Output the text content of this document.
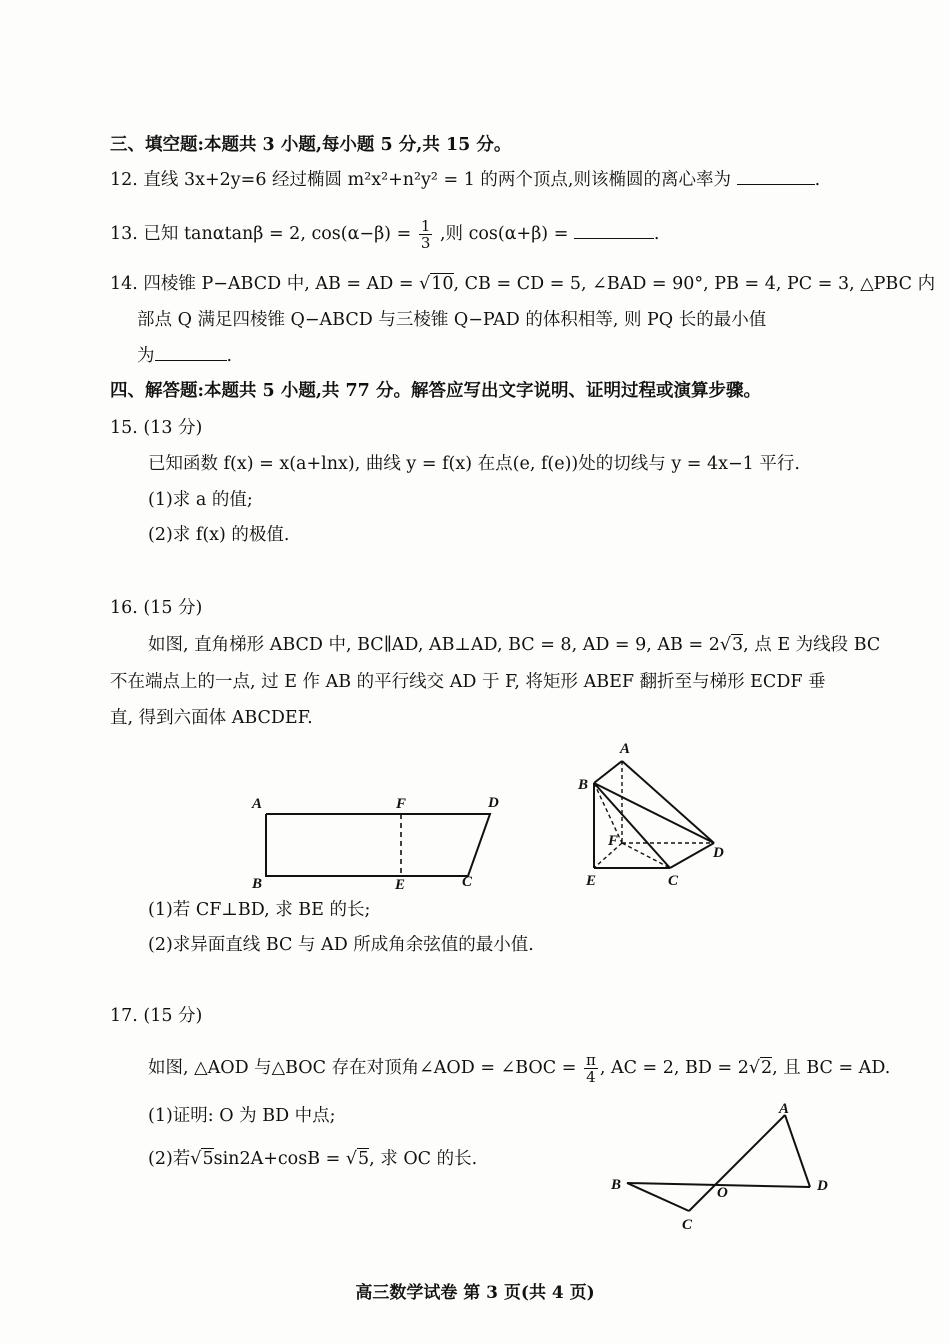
三、填空题:本题共 3 小题,每小题 5 分,共 15 分。
12. 直线 3x+2y=6 经过椭圆 m²x²+n²y² = 1 的两个顶点,则该椭圆的离心率为	.
13. 已知 tanαtanβ = 2, $\cos(\alpha-\beta) = \frac{1}{3}$ ,则 cos(α+β) =	.
14. 四棱锥 P−ABCD 中, AB = AD = √10, CB = CD = 5, ∠BAD = 90°, PB = 4, PC = 3, △PBC 内
部点 Q 满足四棱锥 Q−ABCD 与三棱锥 Q−PAD 的体积相等, 则 PQ 长的最小值
为	.
四、解答题:本题共 5 小题,共 77 分。解答应写出文字说明、证明过程或演算步骤。
15. (13 分)
已知函数 f(x) = x(a+lnx), 曲线 y = f(x) 在点(e, f(e))处的切线与 y = 4x−1 平行.
(1)求 a 的值;
(2)求 f(x) 的极值.
16. (15 分)
如图, 直角梯形 ABCD 中, BC∥AD, AB⊥AD, BC = 8, AD = 9, AB = 2√3, 点 E 为线段 BC
不在端点上的一点, 过 E 作 AB 的平行线交 AD 于 F, 将矩形 ABEF 翻折至与梯形 ECDF 垂
直, 得到六面体 ABCDEF.
A	F	D
B	E	C
A
B
F
D
E	C
(1)若 CF⊥BD, 求 BE 的长;
(2)求异面直线 BC 与 AD 所成角余弦值的最小值.
17. (15 分)
如图, △AOD 与△BOC 存在对顶角∠AOD = ∠BOC = $\frac{\pi}{4}$ , AC = 2, BD = 2√2, 且 BC = AD.
(1)证明: O 为 BD 中点;
(2)若√5sin2A+cosB = √5, 求 OC 的长.
A
B	O	D
C
高三数学试卷 第 3 页(共 4 页)
